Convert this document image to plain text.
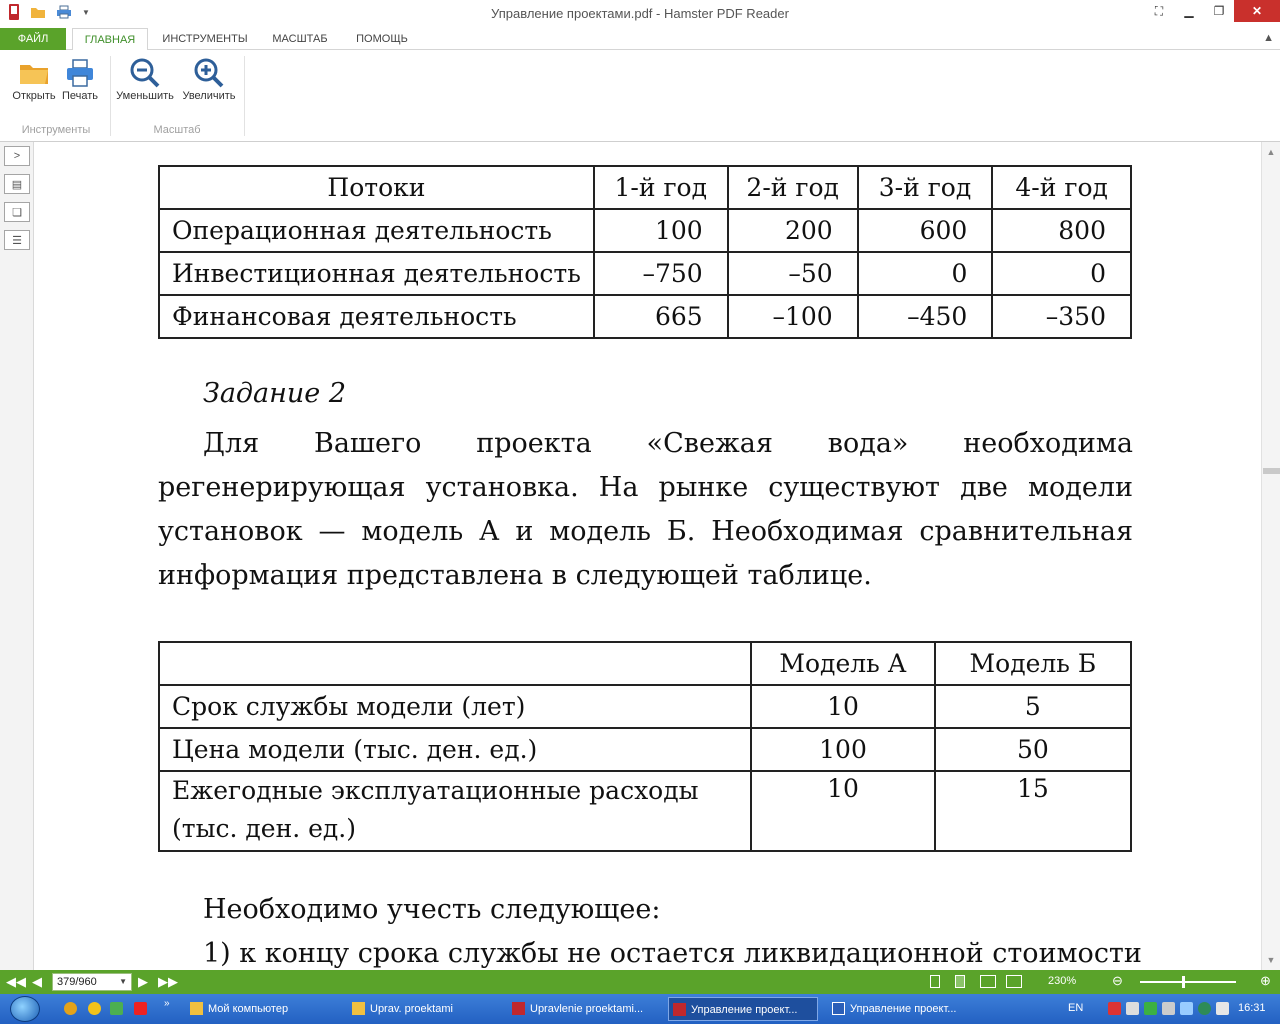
▼	Управление проектами.pdf - Hamster PDF Reader	⛶	▁	❐	✕
ФАЙЛ	ГЛАВНАЯ	ИНСТРУМЕНТЫ	МАСШТАБ	ПОМОЩЬ	▲
Открыть Печать	Уменьшить Увеличить
Инструменты	Масштаб
>
▤
❏
☰
Потоки	1-й год	2-й год	3-й год	4-й год
Операционная деятельность	100	200	600	800
Инвестиционная деятельность	–750	–50	0	0
Финансовая деятельность	665	–100	–450	–350
Задание 2
Для Вашего проекта «Свежая вода» необходима регенерирующая установка. На рынке существуют две модели установок — модель А и модель Б. Необходимая сравнительная информация представлена в следующей таблице.
	Модель А	Модель Б
Срок службы модели (лет)	10	5
Цена модели (тыс. ден. ед.)	100	50

Ежегодные эксплуатационные расходы
(тыс. ден. ед.)	10	15
Необходимо учесть следующее:
1) к концу срока службы не остается ликвидационной стоимости
▲
▼
◀◀ ◀	379/960	▼ ▶ ▶▶	230%	⊖	⊕
»	Мой компьютер	Uprav. proektami	Upravlenie proektami...	Управление проект...	Управление проект...	EN	16:31
